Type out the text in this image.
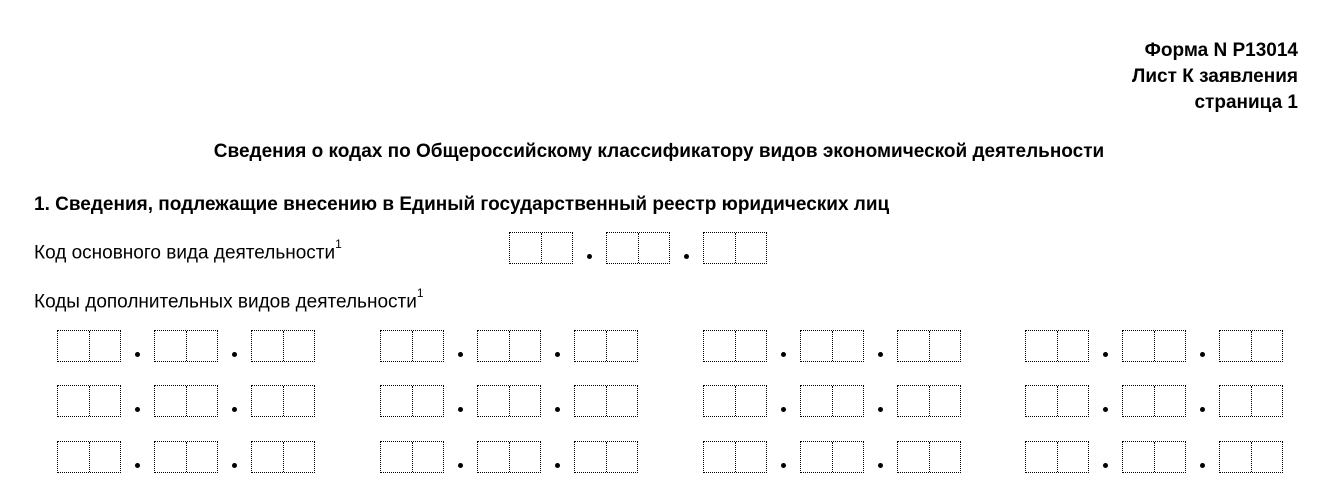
Форма N Р13014
Лист К заявления
страница 1
Сведения о кодах по Общероссийскому классификатору видов экономической деятельности
1. Сведения, подлежащие внесению в Единый государственный реестр юридических лиц
Код основного вида деятельности$^1$
Коды дополнительных видов деятельности$^1$
